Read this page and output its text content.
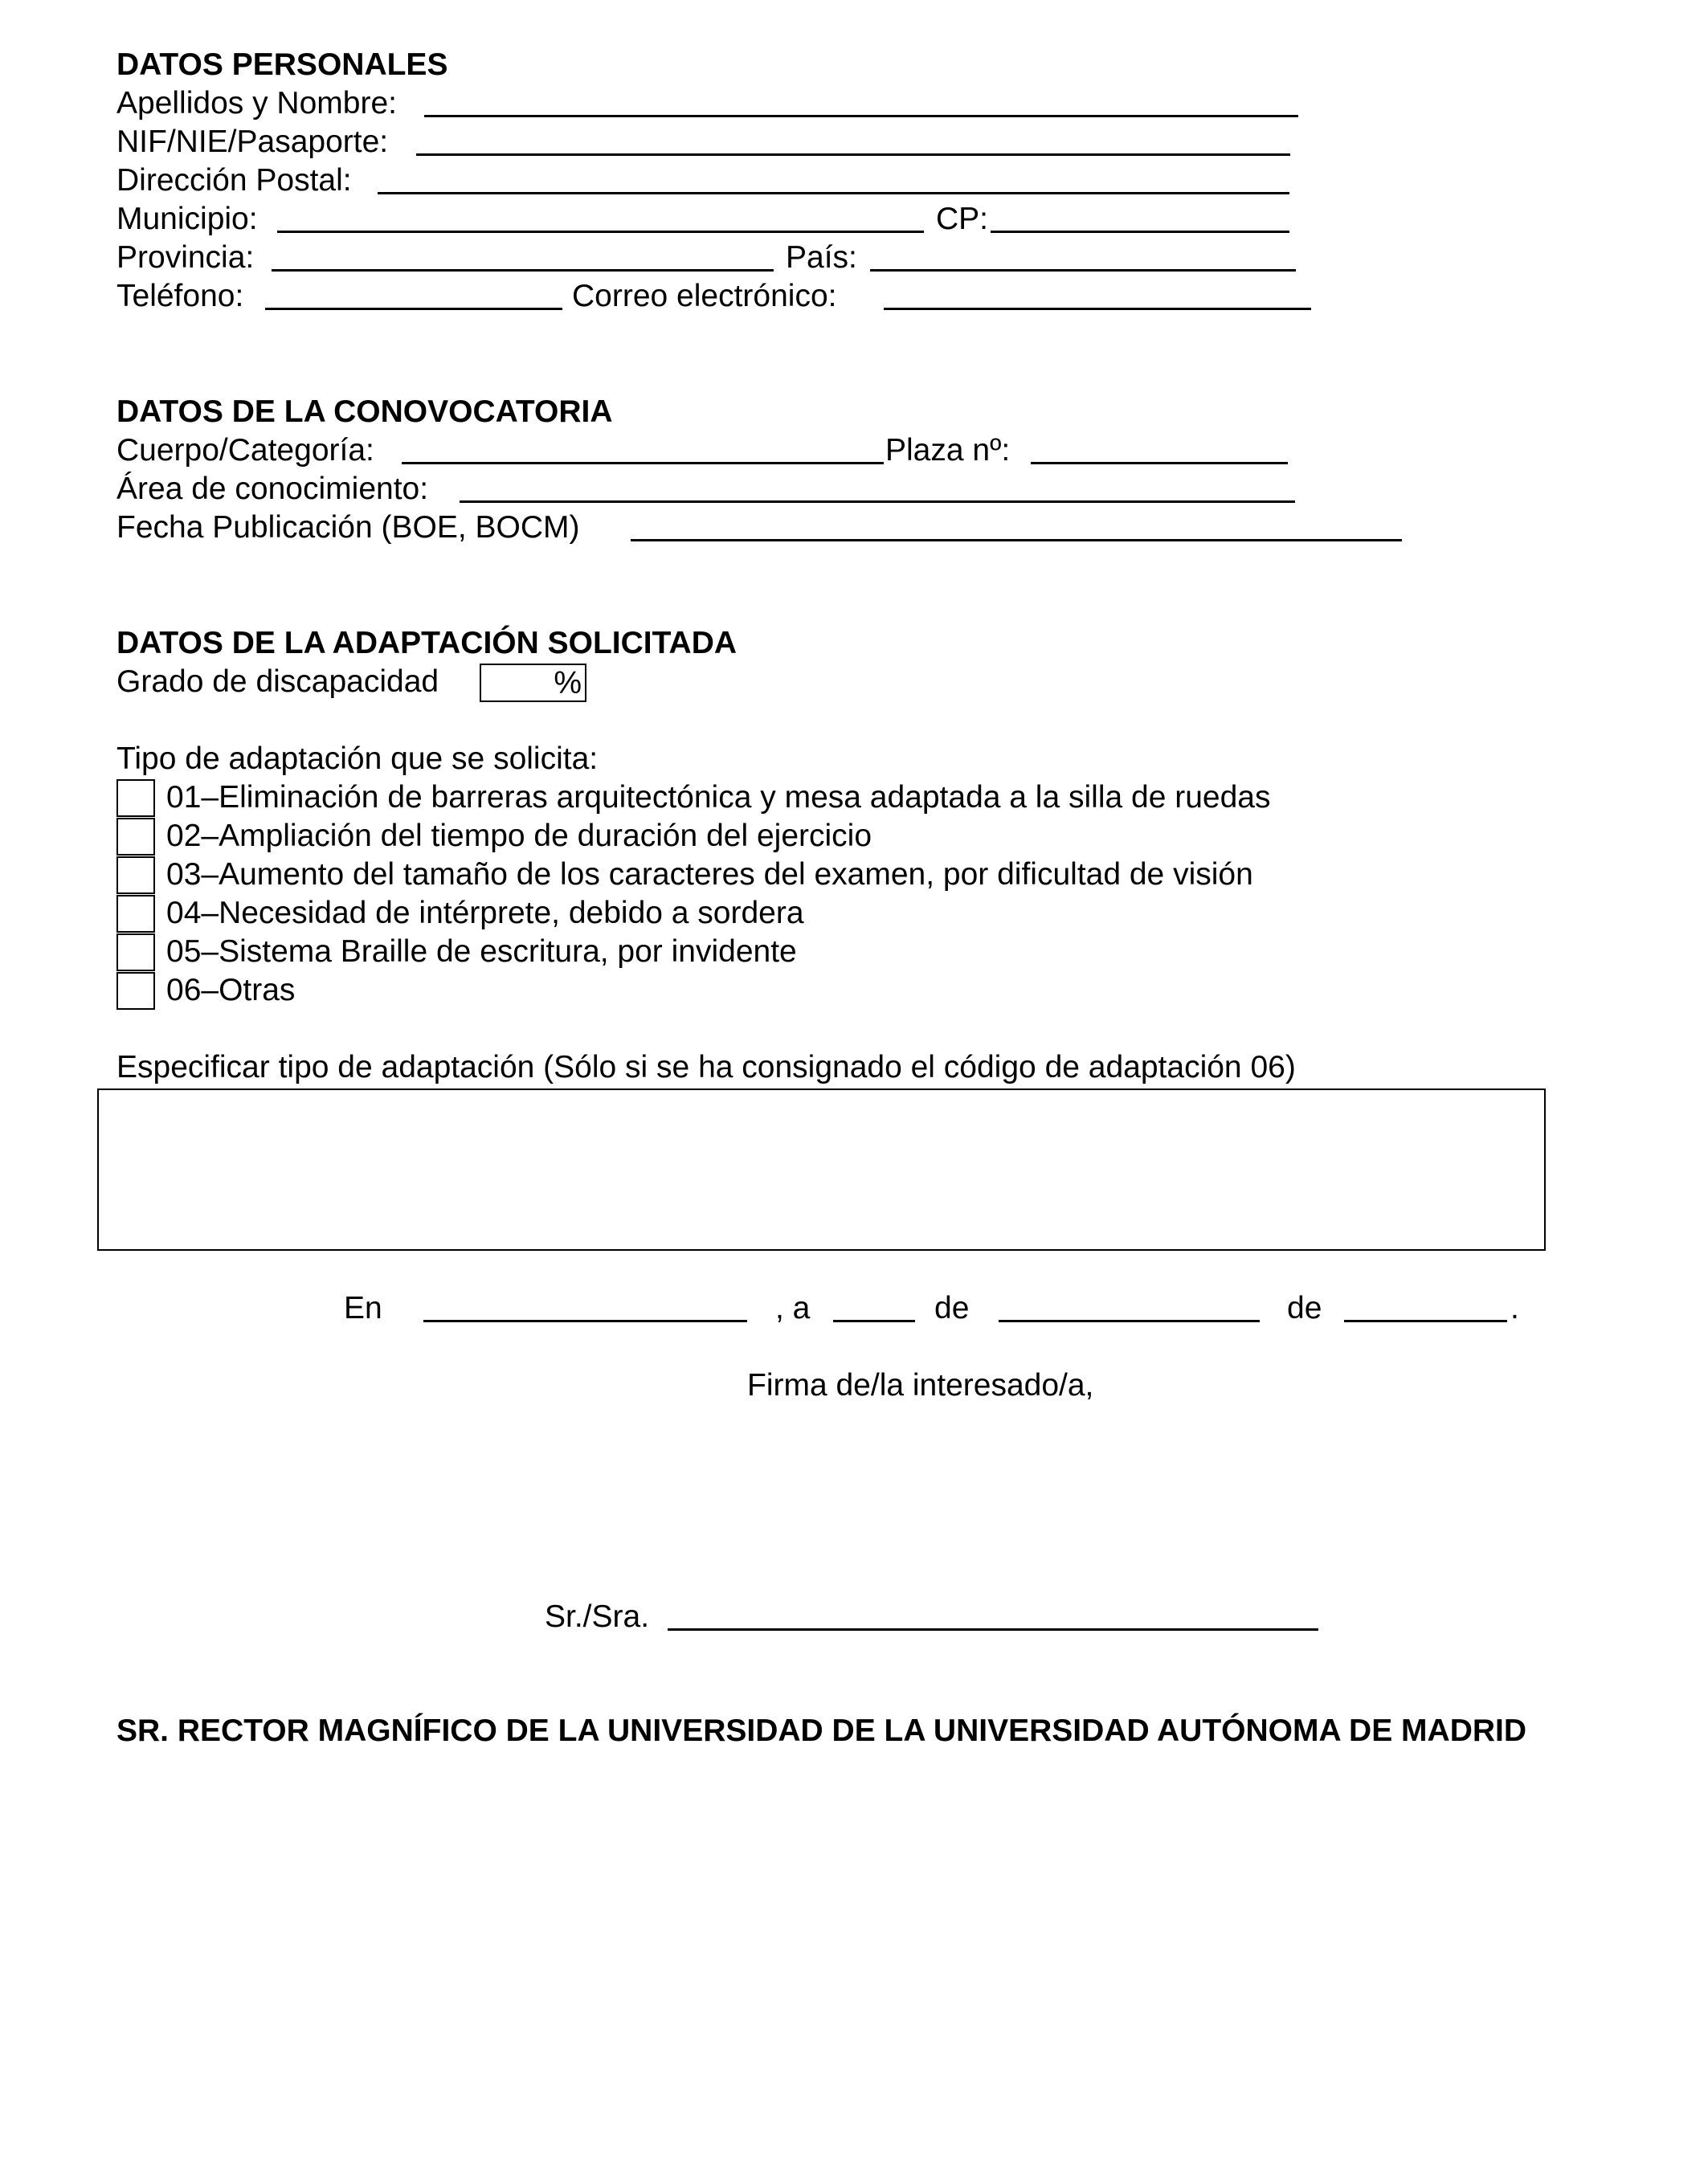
DATOS PERSONALES
Apellidos y Nombre:
NIF/NIE/Pasaporte:
Dirección Postal:
Municipio:	CP:
Provincia:	País:
Teléfono:	Correo electrónico:
DATOS DE LA CONOVOCATORIA
Cuerpo/Categoría:	Plaza nº:
Área de conocimiento:
Fecha Publicación (BOE, BOCM)
DATOS DE LA ADAPTACIÓN SOLICITADA
Grado de discapacidad	%
Tipo de adaptación que se solicita:
01–Eliminación de barreras arquitectónica y mesa adaptada a la silla de ruedas
02–Ampliación del tiempo de duración del ejercicio
03–Aumento del tamaño de los caracteres del examen, por dificultad de visión
04–Necesidad de intérprete, debido a sordera
05–Sistema Braille de escritura, por invidente
06–Otras
Especificar tipo de adaptación (Sólo si se ha consignado el código de adaptación 06)
En	, a	de	de	.
Firma de/la interesado/a,
Sr./Sra.
SR. RECTOR MAGNÍFICO DE LA UNIVERSIDAD DE LA UNIVERSIDAD AUTÓNOMA DE MADRID
